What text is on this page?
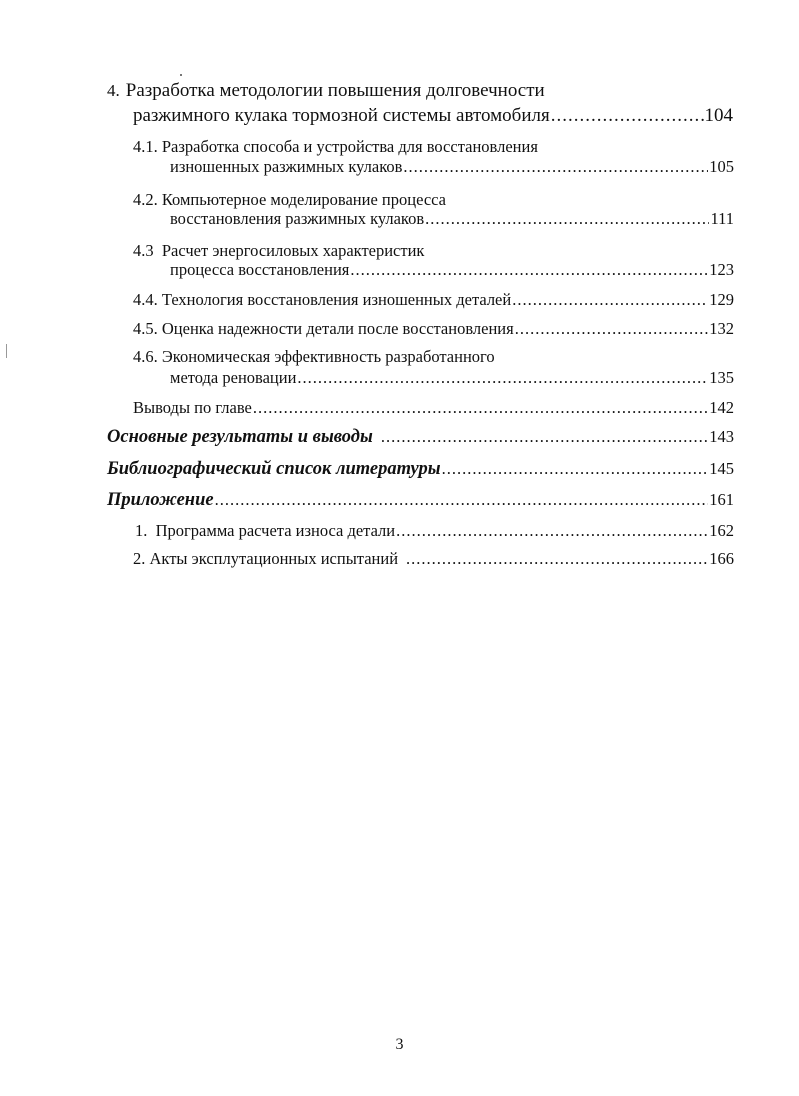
4. Разработка методологии повышения долговечности
разжимного кулака тормозной системы автомобиля .....	104
4.1. Разработка способа и устройства для восстановления
изношенных разжимных кулаков .....	105
4.2. Компьютерное моделирование процесса
восстановления разжимных кулаков .....	111
4.3  Расчет энергосиловых характеристик
процесса восстановления .....	123
4.4. Технология восстановления изношенных деталей .....	129
4.5. Оценка надежности детали после восстановления .....	132
4.6. Экономическая эффективность разработанного
метода реновации .....	135
Выводы по главе .....	142
Основные результаты и выводы .....	143
Библиографический список литературы .....	145
Приложение .....	161
1.  Программа расчета износа детали .....	162
2. Акты эксплутационных испытаний .....	166
3
